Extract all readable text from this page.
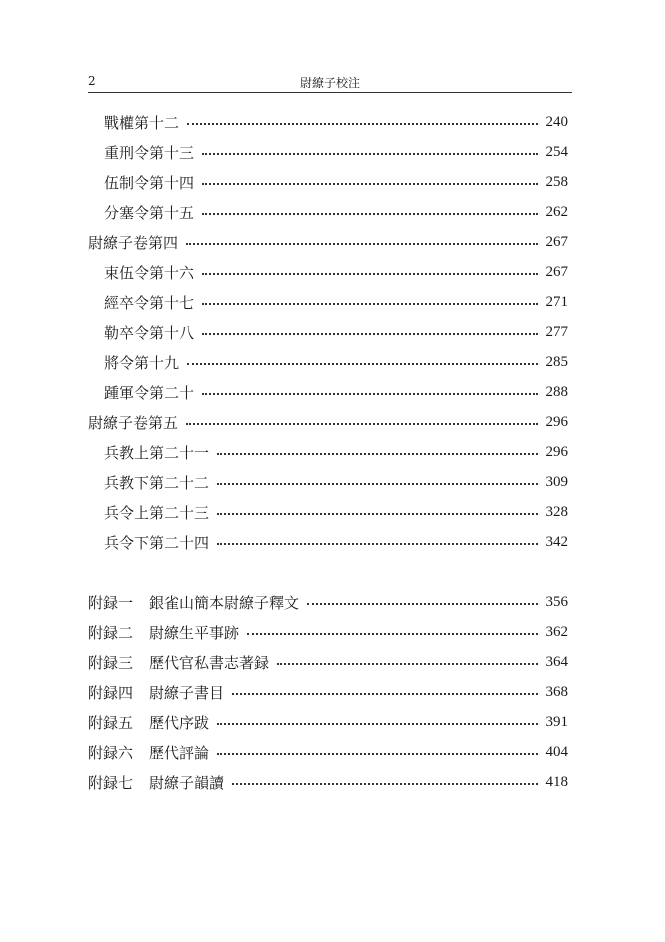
2	尉繚子校注
戰權第十二	240
重刑令第十三	254
伍制令第十四	258
分塞令第十五	262
尉繚子卷第四	267
束伍令第十六	267
經卒令第十七	271
勒卒令第十八	277
將令第十九	285
踵軍令第二十	288
尉繚子卷第五	296
兵教上第二十一	296
兵教下第二十二	309
兵令上第二十三	328
兵令下第二十四	342
附録一 銀雀山簡本尉繚子釋文	356
附録二 尉繚生平事跡	362
附録三 歷代官私書志著録	364
附録四 尉繚子書目	368
附録五 歷代序跋	391
附録六 歷代評論	404
附録七 尉繚子韻讀	418
